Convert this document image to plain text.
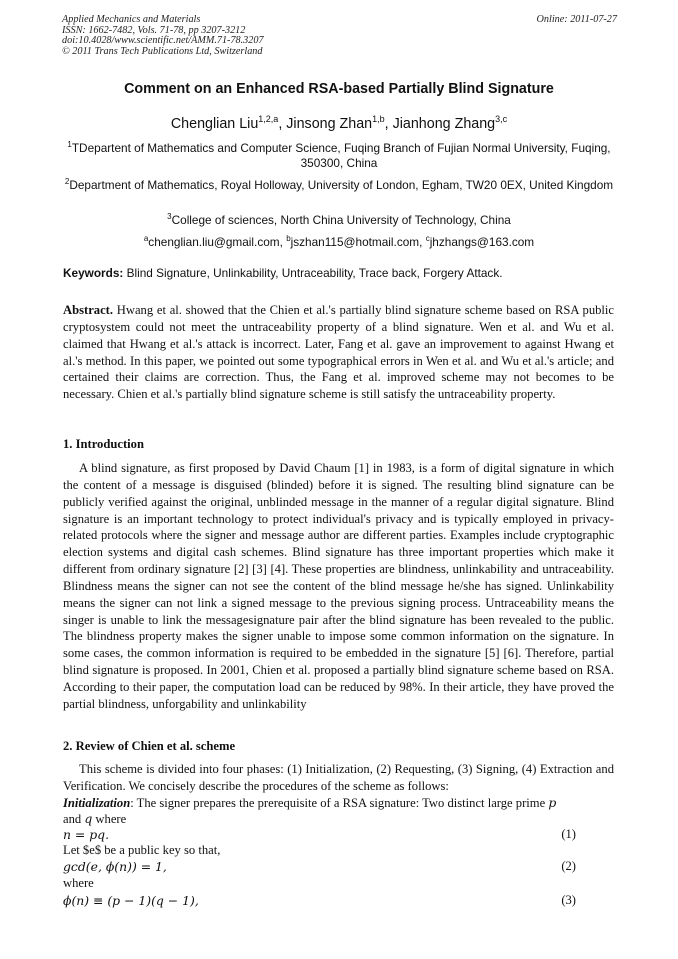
Applied Mechanics and Materials
ISSN: 1662-7482, Vols. 71-78, pp 3207-3212
doi:10.4028/www.scientific.net/AMM.71-78.3207
© 2011 Trans Tech Publications Ltd, Switzerland
Online: 2011-07-27
Comment on an Enhanced RSA-based Partially Blind Signature
Chenglian Liu$^{1,2,a}$, Jinsong Zhan$^{1,b}$, Jianhong Zhang$^{3,c}$
$^1$TDepartent of Mathematics and Computer Science, Fuqing Branch of Fujian Normal University, Fuqing, 350300, China
$^2$Department of Mathematics, Royal Holloway, University of London, Egham, TW20 0EX, United Kingdom
$^3$College of sciences, North China University of Technology, China
$^a$chenglian.liu@gmail.com, $^b$jszhan115@hotmail.com, $^c$jhzhangs@163.com
Keywords: Blind Signature, Unlinkability, Untraceability, Trace back, Forgery Attack.

Abstract. Hwang et al. showed that the Chien et al.'s partially blind signature scheme based on RSA public cryptosystem could not meet the untraceability property of a blind signature. Wen et al. and Wu et al. claimed that Hwang et al.'s attack is incorrect. Later, Fang et al. gave an improvement to against Hwang et al.'s method. In this paper, we pointed out some typographical errors in Wen et al. and Wu et al.'s article; and certained their claims are correction. Thus, the Fang et al. improved scheme may not becomes to be necessary. Chien et al.'s partially blind signature scheme is still satisfy the untraceability property.

1. Introduction

A blind signature, as first proposed by David Chaum [1] in 1983, is a form of digital signature in which the content of a message is disguised (blinded) before it is signed. The resulting blind signature can be publicly verified against the original, unblinded message in the manner of a regular digital signature. Blind signature is an important technology to protect individual's privacy and is typically employed in privacy-related protocols where the signer and message author are different parties. Examples include cryptographic election systems and digital cash schemes. Blind signature has three important properties which make it different from ordinary signature [2] [3] [4]. These properties are blindness, unlinkability and untraceability. Blindness means the signer can not see the content of the blind message he/she has signed. Unlinkability means the signer can not link a signed message to the previous signing process. Untraceability means the singer is unable to link the messagesignature pair after the blind signature has been revealed to the public. The blindness property makes the signer unable to impose some common information on the signature. In some cases, the common information is required to be embedded in the signature [5] [6]. Therefore, partial blind signature is proposed. In 2001, Chien et al. proposed a partially blind signature scheme based on RSA. According to their paper, the computation load can be reduced by 98%. In their article, they have proved the partial blindness, unforgability and unlinkability

2. Review of Chien et al. scheme

This scheme is divided into four phases: (1) Initialization, (2) Requesting, (3) Signing, (4) Extraction and Verification. We concisely describe the procedures of the scheme as follows:

Initialization: The signer prepares the prerequisite of a RSA signature: Two distinct large prime p
and q where
n = pq.	(1)
Let $e$ be a public key so that,
gcd(e, ϕ(n)) = 1,	(2)
where
ϕ(n) ≡ (p − 1)(q − 1),	(3)
